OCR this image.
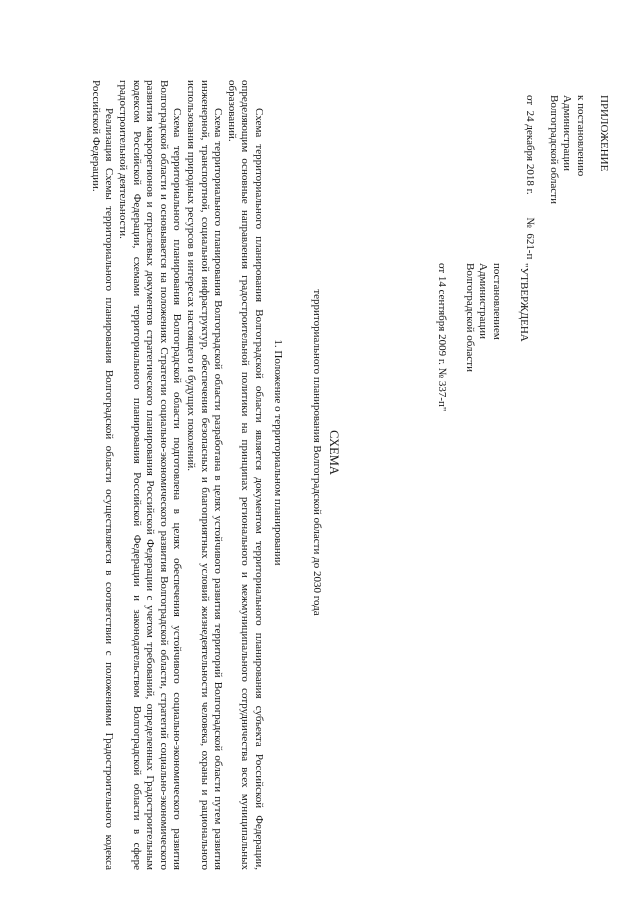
ПРИЛОЖЕНИЕ
к постановлению
Администрации
Волгоградской области
от  24 декабря 2018 г. №  621-п
"УТВЕРЖДЕНА
постановлением
Администрации
Волгоградской области
от 14 сентября 2009 г. № 337-п"
СХЕМА
территориального планирования Волгоградской области до 2030 года
1. Положение о территориальном планировании

Схема территориального планирования Волгоградской области является документом территориального планирования субъекта Российской Федерации, определяющим основные направления градостроительной политики на принципах регионального и межмуниципального сотрудничества всех муниципальных образований.

Схема территориального планирования Волгоградской области разработана в целях устойчивого развития территорий Волгоградской области путем развития инженерной, транспортной, социальной инфраструктур, обеспечения безопасных и благоприятных условий жизнедеятельности человека, охраны и рационального использования природных ресурсов в интересах настоящего и будущих поколений.

Схема территориального планирования Волгоградской области подготовлена в целях обеспечения устойчивого социально-экономического развития Волгоградской области и основывается на положениях Стратегии социально-экономического развития Волгоградской области, стратегий социально-экономического развития макрорегионов и отраслевых документов стратегического планирования Российской Федерации с учетом требований, определенных Градостроительным кодексом Российской Федерации, схемами территориального планирования Российской Федерации и законодательством Волгоградской области в сфере градостроительной деятельности.

Реализация Схемы территориального планирования Волгоградской области осуществляется в соответствии с положениями Градостроительного кодекса Российской Федерации.
